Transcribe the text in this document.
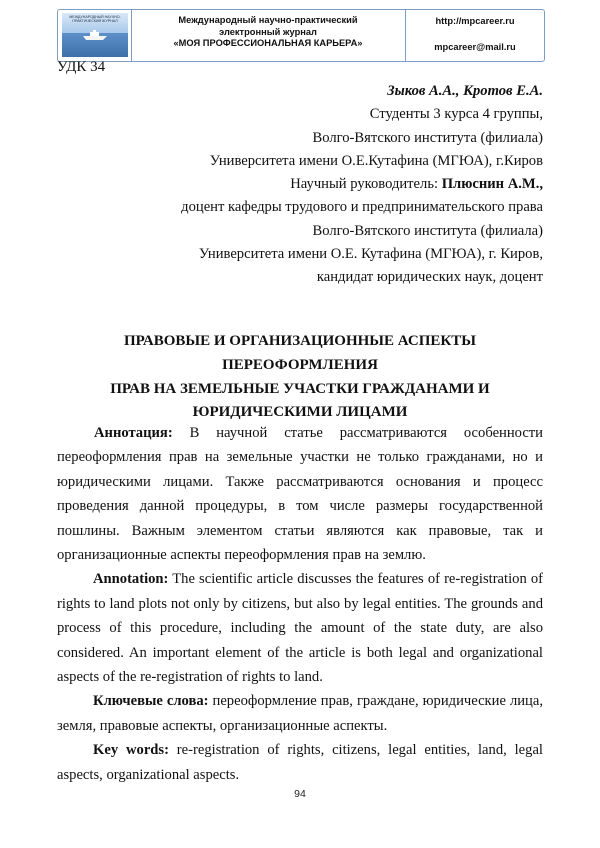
МЕЖДУНАРОДНЫЙ НАУЧНО-ПРАКТИЧЕСКИЙ ЖУРНАЛ	Международный научно-практический
электронный журнал
«МОЯ ПРОФЕССИОНАЛЬНАЯ КАРЬЕРА»
http://mpcareer.ru
mpcareer@mail.ru
УДК 34
Зыков А.А., Кротов Е.А.
Студенты 3 курса 4 группы,
Волго-Вятского института (филиала)
Университета имени О.Е.Кутафина (МГЮА), г.Киров
Научный руководитель: Плюснин А.М.,
доцент кафедры трудового и предпринимательского права
Волго-Вятского института (филиала)
Университета имени О.Е. Кутафина (МГЮА), г. Киров,
кандидат юридических наук, доцент
ПРАВОВЫЕ И ОРГАНИЗАЦИОННЫЕ АСПЕКТЫ ПЕРЕОФОРМЛЕНИЯ
ПРАВ НА ЗЕМЕЛЬНЫЕ УЧАСТКИ ГРАЖДАНАМИ И
ЮРИДИЧЕСКИМИ ЛИЦАМИ

Аннотация: В научной статье рассматриваются особенности переоформления прав на земельные участки не только гражданами, но и юридическими лицами. Также рассматриваются основания и процесс проведения данной процедуры, в том числе размеры государственной пошлины. Важным элементом статьи являются как правовые, так и организационные аспекты переоформления прав на землю.

Annotation: The scientific article discusses the features of re-registration of rights to land plots not only by citizens, but also by legal entities. The grounds and process of this procedure, including the amount of the state duty, are also considered. An important element of the article is both legal and organizational aspects of the re-registration of rights to land.

Ключевые слова: переоформление прав, граждане, юридические лица, земля, правовые аспекты, организационные аспекты.

Key words: re-registration of rights, citizens, legal entities, land, legal aspects, organizational aspects.

94
